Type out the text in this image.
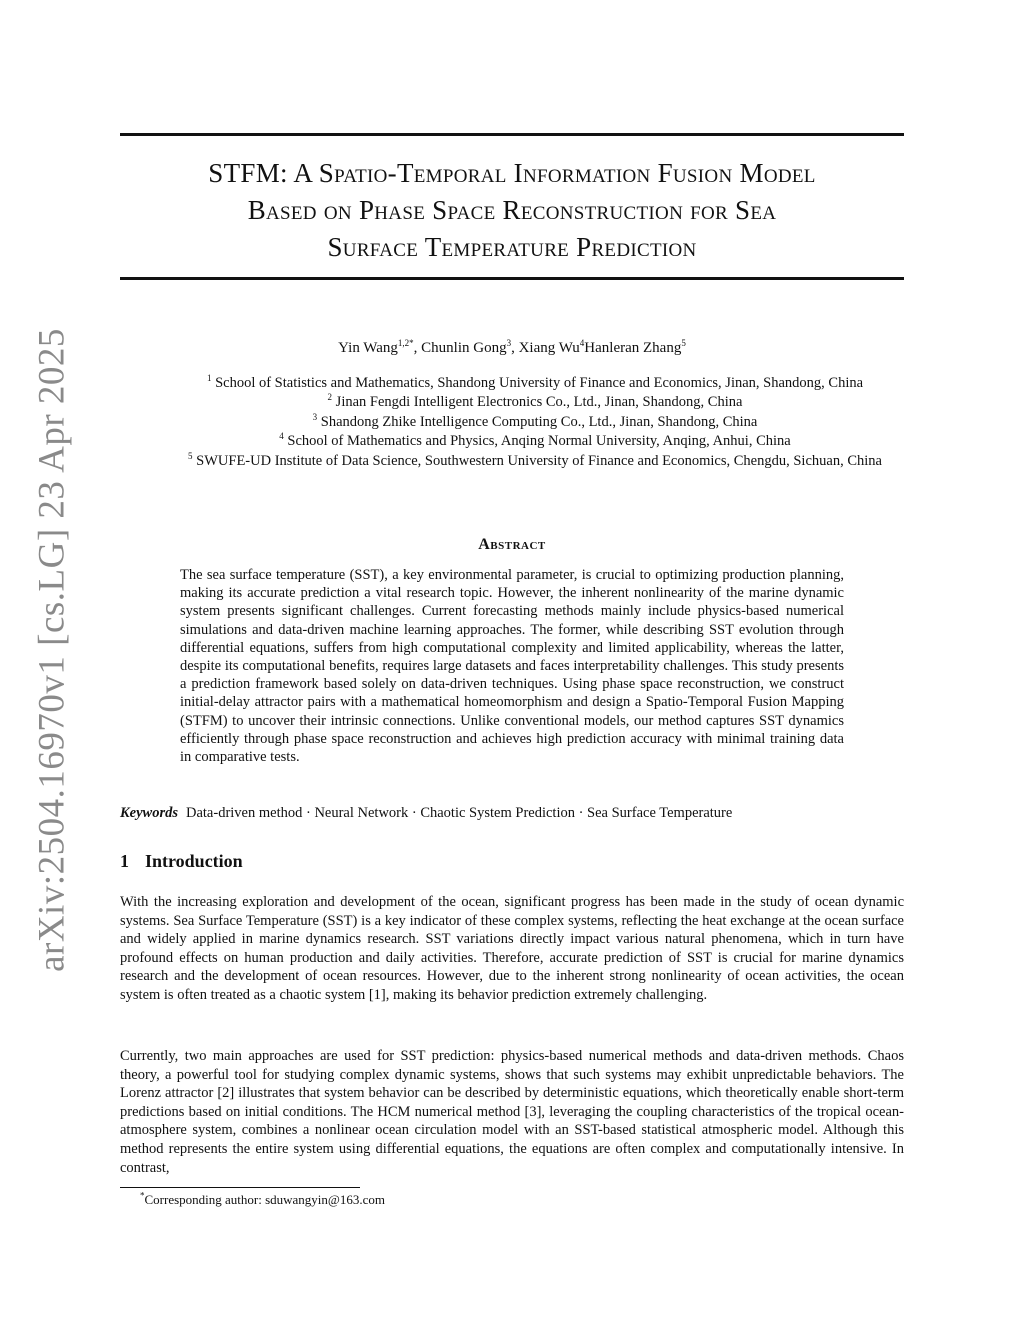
arXiv:2504.16970v1 [cs.LG] 23 Apr 2025
STFM: A Spatio-Temporal Information Fusion Model
Based on Phase Space Reconstruction for Sea
Surface Temperature Prediction
Yin Wang$^{1,2*}$, Chunlin Gong$^3$, Xiang Wu$^4$Hanleran Zhang$^5$
$^1$ School of Statistics and Mathematics, Shandong University of Finance and Economics, Jinan, Shandong, China
$^2$ Jinan Fengdi Intelligent Electronics Co., Ltd., Jinan, Shandong, China
$^3$ Shandong Zhike Intelligence Computing Co., Ltd., Jinan, Shandong, China
$^4$ School of Mathematics and Physics, Anqing Normal University, Anqing, Anhui, China
$^5$ SWUFE-UD Institute of Data Science, Southwestern University of Finance and Economics, Chengdu, Sichuan, China
Abstract
The sea surface temperature (SST), a key environmental parameter, is crucial to optimizing production planning, making its accurate prediction a vital research topic. However, the inherent nonlinearity of the marine dynamic system presents significant challenges. Current forecasting methods mainly include physics-based numerical simulations and data-driven machine learning approaches. The former, while describing SST evolution through differential equations, suffers from high computational complexity and limited applicability, whereas the latter, despite its computational benefits, requires large datasets and faces interpretability challenges. This study presents a prediction framework based solely on data-driven techniques. Using phase space reconstruction, we construct initial-delay attractor pairs with a mathematical homeomorphism and design a Spatio-Temporal Fusion Mapping (STFM) to uncover their intrinsic connections. Unlike conventional models, our method captures SST dynamics efficiently through phase space reconstruction and achieves high prediction accuracy with minimal training data in comparative tests.
Keywords Data-driven method · Neural Network · Chaotic System Prediction · Sea Surface Temperature
1 Introduction
With the increasing exploration and development of the ocean, significant progress has been made in the study of ocean dynamic systems. Sea Surface Temperature (SST) is a key indicator of these complex systems, reflecting the heat exchange at the ocean surface and widely applied in marine dynamics research. SST variations directly impact various natural phenomena, which in turn have profound effects on human production and daily activities. Therefore, accurate prediction of SST is crucial for marine dynamics research and the development of ocean resources. However, due to the inherent strong nonlinearity of ocean activities, the ocean system is often treated as a chaotic system [1], making its behavior prediction extremely challenging.
Currently, two main approaches are used for SST prediction: physics-based numerical methods and data-driven methods. Chaos theory, a powerful tool for studying complex dynamic systems, shows that such systems may exhibit unpredictable behaviors. The Lorenz attractor [2] illustrates that system behavior can be described by deterministic equations, which theoretically enable short-term predictions based on initial conditions. The HCM numerical method [3], leveraging the coupling characteristics of the tropical ocean-atmosphere system, combines a nonlinear ocean circulation model with an SST-based statistical atmospheric model. Although this method represents the entire system using differential equations, the equations are often complex and computationally intensive. In contrast,
*Corresponding author: sduwangyin@163.com
